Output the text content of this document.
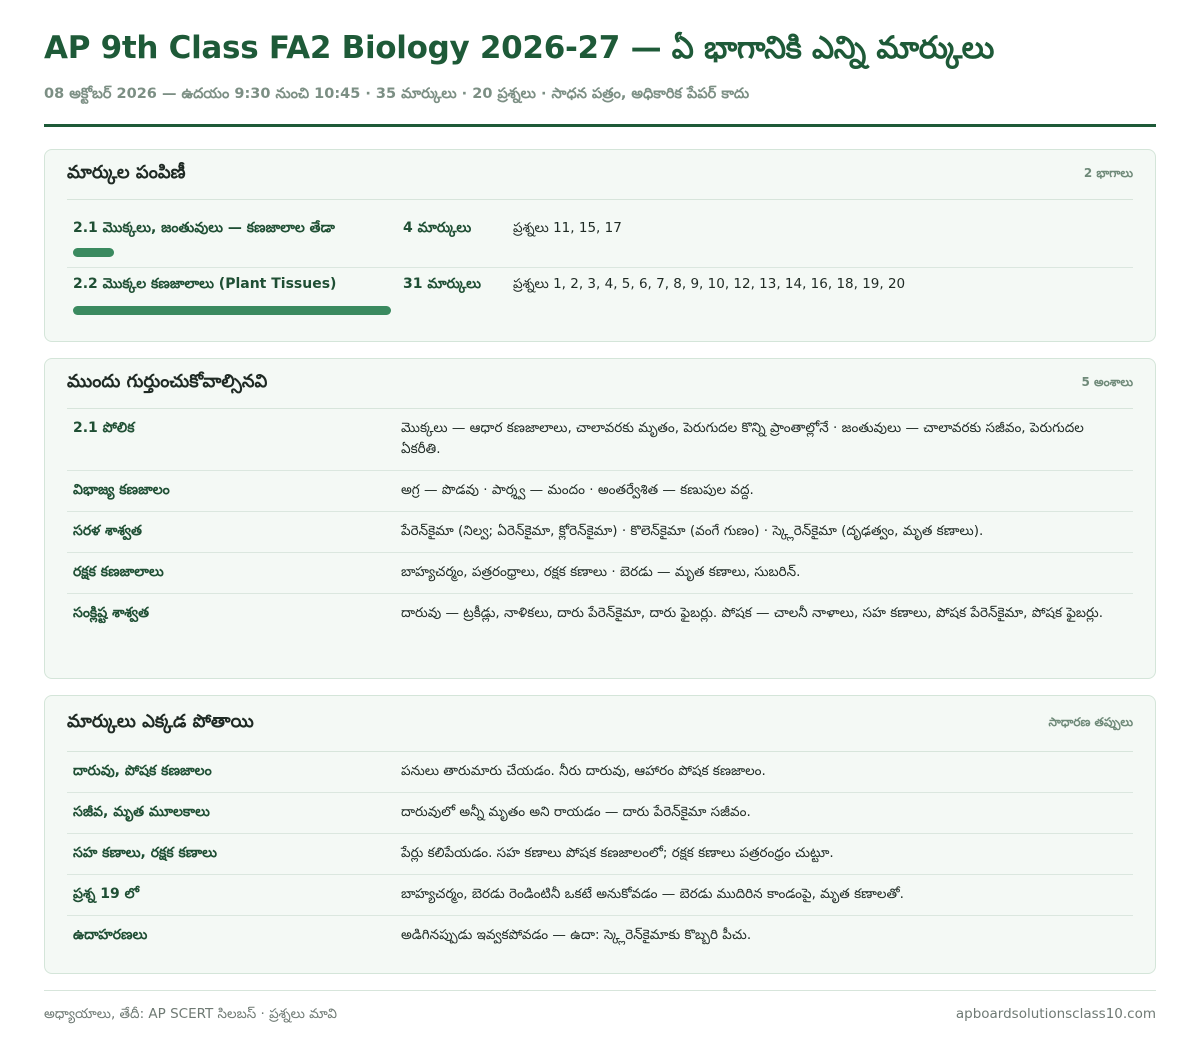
AP 9th Class FA2 Biology 2026-27 — ఏ భాగానికి ఎన్ని మార్కులు
08 అక్టోబర్ 2026 — ఉదయం 9:30 నుంచి 10:45 · 35 మార్కులు · 20 ప్రశ్నలు · సాధన పత్రం, అధికారిక పేపర్ కాదు
మార్కుల పంపిణీ	2 భాగాలు
2.1 మొక్కలు, జంతువులు — కణజాలాల తేడా	4 మార్కులు	ప్రశ్నలు 11, 15, 17
2.2 మొక్కల కణజాలాలు (Plant Tissues)	31 మార్కులు ప్రశ్నలు 1, 2, 3, 4, 5, 6, 7, 8, 9, 10, 12, 13, 14, 16, 18, 19, 20
ముందు గుర్తుంచుకోవాల్సినవి	5 అంశాలు
2.1 పోలిక	మొక్కలు — ఆధార కణజాలాలు, చాలావరకు మృతం, పెరుగుదల కొన్ని ప్రాంతాల్లోనే · జంతువులు — చాలావరకు సజీవం, పెరుగుదల ఏకరీతి.
విభాజ్య కణజాలం	అగ్ర — పొడవు · పార్శ్వ — మందం · అంతర్వేశిత — కణుపుల వద్ద.
సరళ శాశ్వత	పేరెన్‌కైమా (నిల్వ; ఏరెన్‌కైమా, క్లోరెన్‌కైమా) · కొలెన్‌కైమా (వంగే గుణం) · స్క్లెరెన్‌కైమా (దృఢత్వం, మృత కణాలు).
రక్షక కణజాలాలు	బాహ్యచర్మం, పత్రరంధ్రాలు, రక్షక కణాలు · బెరడు — మృత కణాలు, సుబరిన్.
సంక్లిష్ట శాశ్వత	దారువు — ట్రకీడ్లు, నాళికలు, దారు పేరెన్‌కైమా, దారు ఫైబర్లు. పోషక — చాలనీ నాళాలు, సహ కణాలు, పోషక పేరెన్‌కైమా, పోషక ఫైబర్లు.
మార్కులు ఎక్కడ పోతాయి	సాధారణ తప్పులు
దారువు, పోషక కణజాలం	పనులు తారుమారు చేయడం. నీరు దారువు, ఆహారం పోషక కణజాలం.
సజీవ, మృత మూలకాలు	దారువులో అన్నీ మృతం అని రాయడం — దారు పేరెన్‌కైమా సజీవం.
సహ కణాలు, రక్షక కణాలు	పేర్లు కలిపేయడం. సహ కణాలు పోషక కణజాలంలో; రక్షక కణాలు పత్రరంధ్రం చుట్టూ.
ప్రశ్న 19 లో	బాహ్యచర్మం, బెరడు రెండింటినీ ఒకటే అనుకోవడం — బెరడు ముదిరిన కాండంపై, మృత కణాలతో.
ఉదాహరణలు	అడిగినప్పుడు ఇవ్వకపోవడం — ఉదా: స్క్లెరెన్‌కైమాకు కొబ్బరి పీచు.
అధ్యాయాలు, తేదీ: AP SCERT సిలబస్ · ప్రశ్నలు మావి	apboardsolutionsclass10.com
